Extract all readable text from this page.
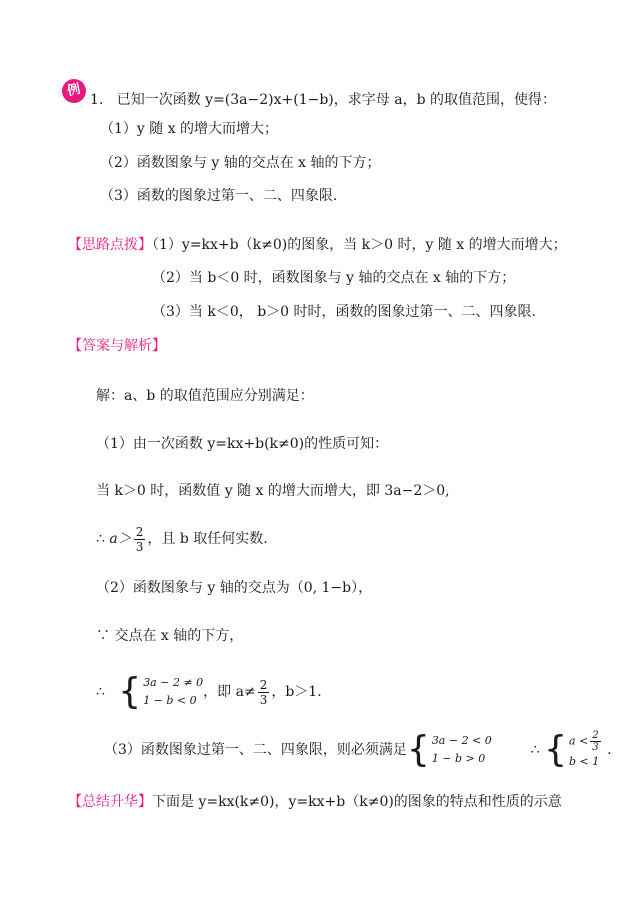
例
1. 已知一次函数 y=(3a−2)x+(1−b)，求字母 a，b 的取值范围，使得：
（1）y 随 x 的增大而增大；
（2）函数图象与 y 轴的交点在 x 轴的下方；
（3）函数的图象过第一、二、四象限.
【思路点拨】（1）y=kx+b（k≠0)的图象，当 k＞0 时，y 随 x 的增大而增大；
（2）当 b＜0 时，函数图象与 y 轴的交点在 x 轴的下方；
（3）当 k＜0， b＞0 时时，函数的图象过第一、二、四象限.
【答案与解析】
解：a、b 的取值范围应分别满足：
（1）由一次函数 y=kx+b(k≠0)的性质可知：
当 k＞0 时，函数值 y 随 x 的增大而增大，即 3a−2＞0,
∴ $a> \frac{2}{3}$ ，且 b 取任何实数.
（2）函数图象与 y 轴的交点为（0, 1−b），
∵ 交点在 x 轴的下方，
∴ { 3a − 2 ≠ 0
1 − b < 0
，即 $a\ne \frac{2}{3}$ ，b＞1.
（3）函数图象过第一、二、四象限，则必须满足 { 3a − 2 < 0
1 − b > 0
∴ { $a < \frac{2}{3}$
b < 1
.
【总结升华】下面是 y=kx(k≠0)，y=kx+b（k≠0)的图象的特点和性质的示意
